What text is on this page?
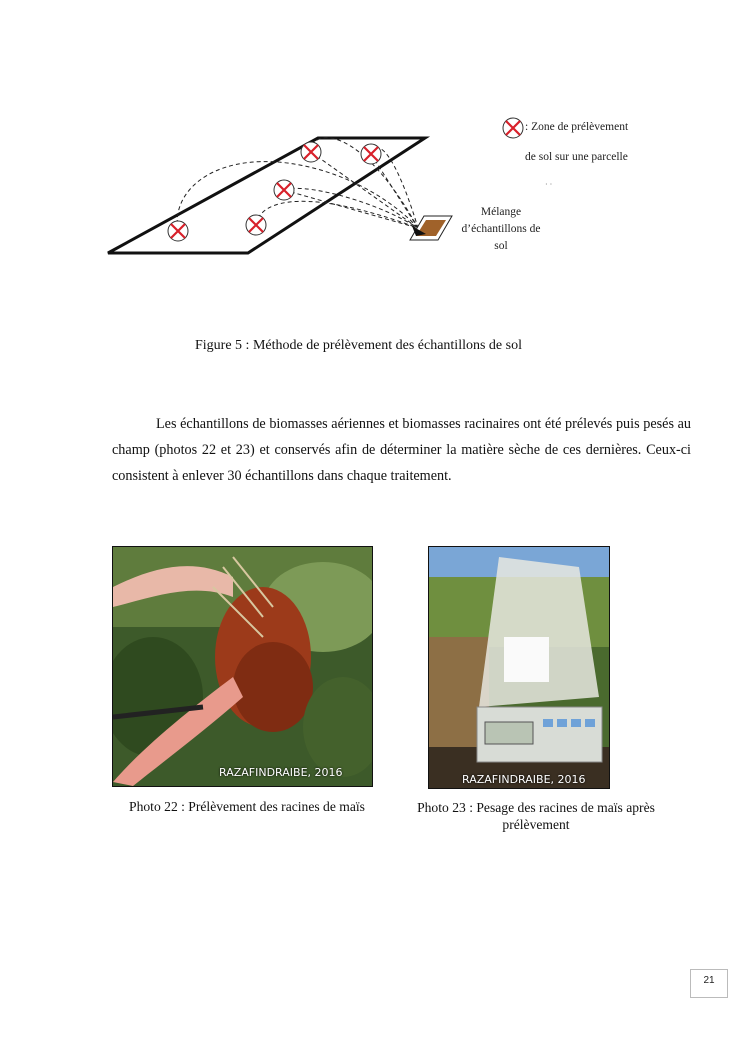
: Zone de prélèvement
de sol sur une parcelle
· ·
Mélange
d’échantillons de
sol
Figure 5 : Méthode de prélèvement des échantillons de sol
Les échantillons de biomasses aériennes et biomasses racinaires ont été prélevés puis pesés au champ (photos 22 et 23) et conservés afin de déterminer la matière sèche de ces dernières. Ceux-ci consistent à enlever 30 échantillons dans chaque traitement.
RAZAFINDRAIBE, 2016
Photo 22 : Prélèvement des racines de maïs
RAZAFINDRAIBE, 2016
Photo 23 : Pesage des racines de maïs après prélèvement
21
